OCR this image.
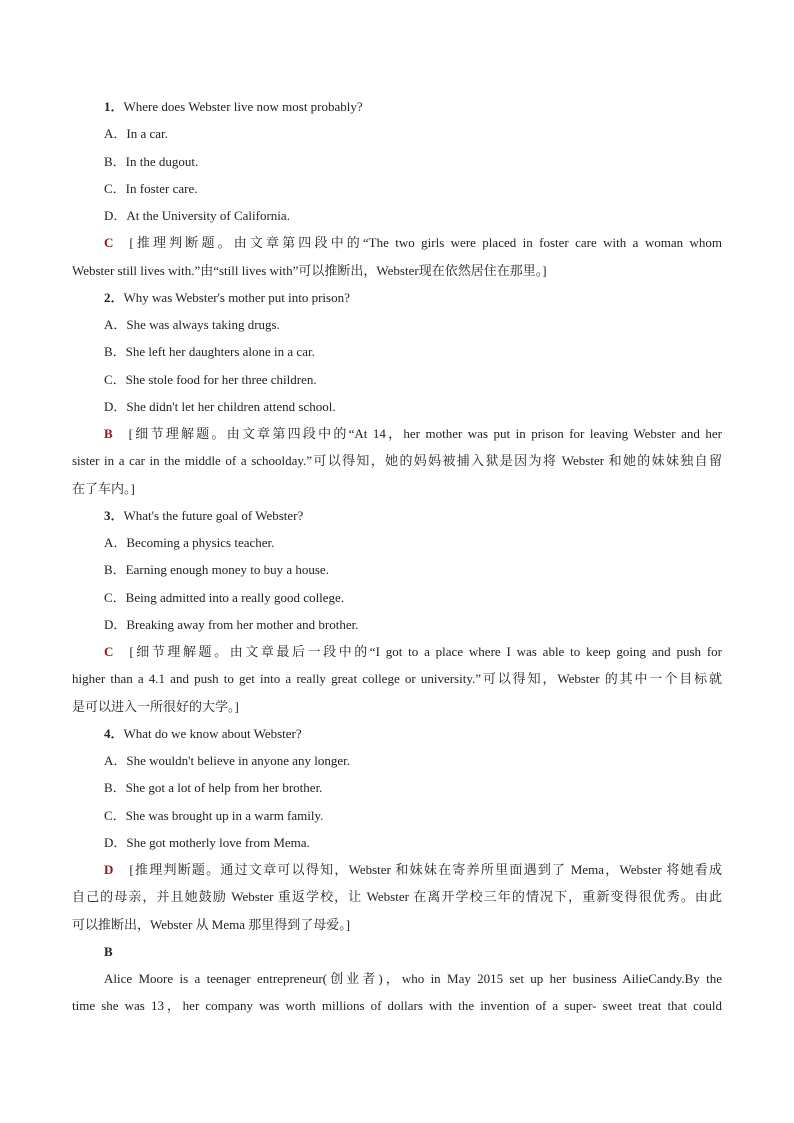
1．Where does Webster live now most probably?
A．In a car.
B．In the dugout.
C．In foster care.
D．At the University of California.
C [推理判断题。由文章第四段中的“The two girls were placed in foster care with a woman whom
Webster still lives with.”由“still lives with”可以推断出，Webster现在依然居住在那里。]
2．Why was Webster's mother put into prison?
A．She was always taking drugs.
B．She left her daughters alone in a car.
C．She stole food for her three children.
D．She didn't let her children attend school.
B [细节理解题。由文章第四段中的“At 14，her mother was put in prison for leaving Webster and her
sister in a car in the middle of a schoolday.”可以得知，她的妈妈被捕入狱是因为将 Webster 和她的妹妹独自留
在了车内。]
3．What's the future goal of Webster?
A．Becoming a physics teacher.
B．Earning enough money to buy a house.
C．Being admitted into a really good college.
D．Breaking away from her mother and brother.
C [细节理解题。由文章最后一段中的“I got to a place where I was able to keep going and push for
higher than a 4.1 and push to get into a really great college or university.”可以得知，Webster 的其中一个目标就
是可以进入一所很好的大学。]
4．What do we know about Webster?
A．She wouldn't believe in anyone any longer.
B．She got a lot of help from her brother.
C．She was brought up in a warm family.
D．She got motherly love from Mema.
D [推理判断题。通过文章可以得知，Webster 和妹妹在寄养所里面遇到了 Mema，Webster 将她看成
自己的母亲，并且她鼓励 Webster 重返学校，让 Webster 在离开学校三年的情况下，重新变得很优秀。由此
可以推断出，Webster 从 Mema 那里得到了母爱。]
B
Alice Moore is a teenager entrepreneur(创业者)，who in May 2015 set up her business AilieCandy.By the
time she was 13，her company was worth millions of dollars with the invention of a super- sweet treat that could
